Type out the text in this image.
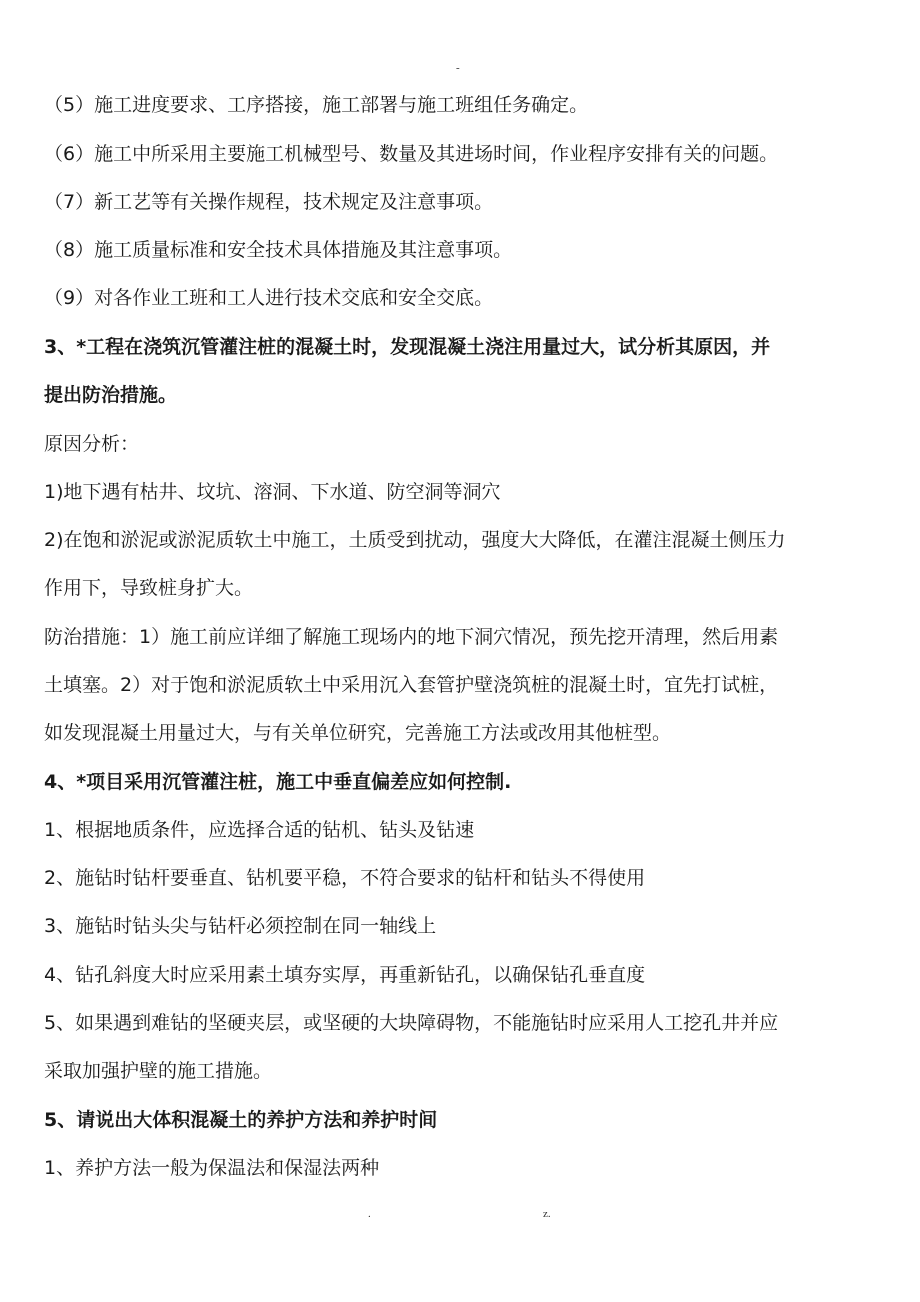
-
（5）施工进度要求、工序搭接，施工部署与施工班组任务确定。
（6）施工中所采用主要施工机械型号、数量及其进场时间，作业程序安排有关的问题。
（7）新工艺等有关操作规程，技术规定及注意事项。
（8）施工质量标准和安全技术具体措施及其注意事项。
（9）对各作业工班和工人进行技术交底和安全交底。
3、*工程在浇筑沉管灌注桩的混凝土时，发现混凝土浇注用量过大，试分析其原因，并
提出防治措施。
原因分析：
1)地下遇有枯井、坟坑、溶洞、下水道、防空洞等洞穴
2)在饱和淤泥或淤泥质软土中施工，土质受到扰动，强度大大降低，在灌注混凝土侧压力
作用下，导致桩身扩大。
防治措施：1）施工前应详细了解施工现场内的地下洞穴情况，预先挖开清理，然后用素
土填塞。2）对于饱和淤泥质软土中采用沉入套管护壁浇筑桩的混凝土时，宜先打试桩，
如发现混凝土用量过大，与有关单位研究，完善施工方法或改用其他桩型。
4、*项目采用沉管灌注桩，施工中垂直偏差应如何控制.
1、根据地质条件，应选择合适的钻机、钻头及钻速
2、施钻时钻杆要垂直、钻机要平稳，不符合要求的钻杆和钻头不得使用
3、施钻时钻头尖与钻杆必须控制在同一轴线上
4、钻孔斜度大时应采用素土填夯实厚，再重新钻孔，以确保钻孔垂直度
5、如果遇到难钻的坚硬夹层，或坚硬的大块障碍物，不能施钻时应采用人工挖孔井并应
采取加强护壁的施工措施。
5、请说出大体积混凝土的养护方法和养护时间
1、养护方法一般为保温法和保湿法两种
.	z.
